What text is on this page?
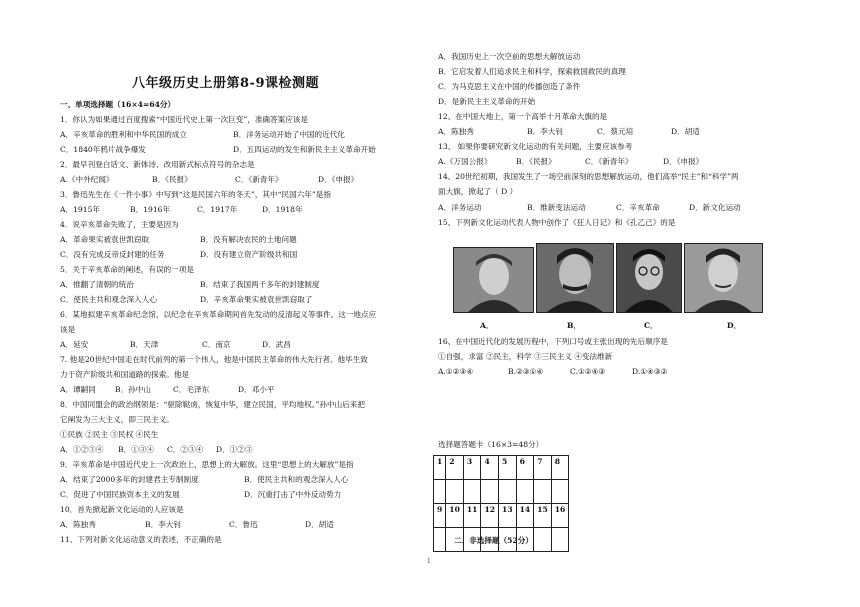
八年级历史上册第8-9课检测题
一、单项选择题（16×4=64分）
1．你认为如果通过百度搜索“中国近代史上第一次巨变”，准确答案应该是
A．辛亥革命的胜利和中华民国的成立	B．洋务运动开始了中国的近代化
C．1840年鸦片战争爆发	D．五四运动的发生和新民主主义革命开始
2．最早刊登白话文、新体诗、改用新式标点符号的杂志是
A.《中外纪闻》	B．《民报》	C．《新青年》	D．《申报》
3．鲁迅先生在《一件小事》中写到“这是民国六年的冬天”，其中“民国六年”是指
A．1915年	B．1916年	C．1917年	D．1918年
4．说辛亥革命失败了，主要是因为
A．革命果实被袁世凯窃取	B．没有解决农民的土地问题
C．没有完成反帝反封建的任务	D．没有建立资产阶级共和国
5．关于辛亥革命的阐述，有误的一项是
A．推翻了清朝的统治	B．结束了我国两千多年的封建制度
C．使民主共和观念深入人心	D．辛亥革命果实被袁世凯窃取了
6．某地拟建辛亥革命纪念馆，以纪念在辛亥革命期间首先发动的反清起义等事件。这一地点应
该是
A．延安	B．天津	C．南京	D．武昌
7. 他是20世纪中国走在时代前列的第一个伟人，他是中国民主革命的伟大先行者。他毕生致
力于资产阶级共和国道路的探索。他是
A．谭嗣同	B．孙中山	C．毛泽东	D．邓小平
8．中国同盟会的政治纲领是：“驱除鞑虏，恢复中华，建立民国，平均地权。”孙中山后来把
它阐发为三大主义，即三民主义。
①民族 ②民主 ③民权 ④民生
A．①②③④ B．①③④ C．②③④ D．①②③
9．辛亥革命是中国近代史上一次政治上、思想上的大解放。这里“思想上的大解放”是指
A．结束了2000多年的封建君主专制制度	B．使民主共和的观念深入人心
C．促进了中国民族资本主义的发展	D．沉重打击了中外反动势力
10．首先掀起新文化运动的人应该是
A．陈独秀	B．李大钊	C．鲁迅	D．胡适
11、下列对新文化运动意义的表述，不正确的是
A．我国历史上一次空前的思想大解放运动
B．它启发着人们追求民主和科学，探索救国救民的真理
C．为马克思主义在中国的传播创造了条件
D．是新民主主义革命的开始
12、在中国大地上，第一个高举十月革命大旗的是
A．陈独秀	B．李大钊	C．蔡元培	D．胡适
13、 如果你要研究新文化运动的有关问题，主要应该参考
A.《万国公报》	B．《民报》	C．《新青年》	D．《申报》
14、20世纪初期，我国发生了一场空前深刻的思想解放运动，他们高举“民主”和“科学”两
面大旗，掀起了（ D ）
A．洋务运动	B．维新变法运动	C．辛亥革命	D．新文化运动
15、下列新文化运动代表人物中创作了《狂人日记》和《孔乙己》的是
A．	B．	C．	D．
16、在中国近代化的发展历程中，下列口号或主张出现的先后顺序是
①自强，求富 ②民主，科学 ③三民主义 ④变法维新
A.①②③④	B.②③①④	C.①②④③	D.①④③②
选择题答题卡（16×3=48分）
1	2	3	4	5	6	7	8

9	10	11	12	13	14	15	16

二、非选择题（52分）
1
